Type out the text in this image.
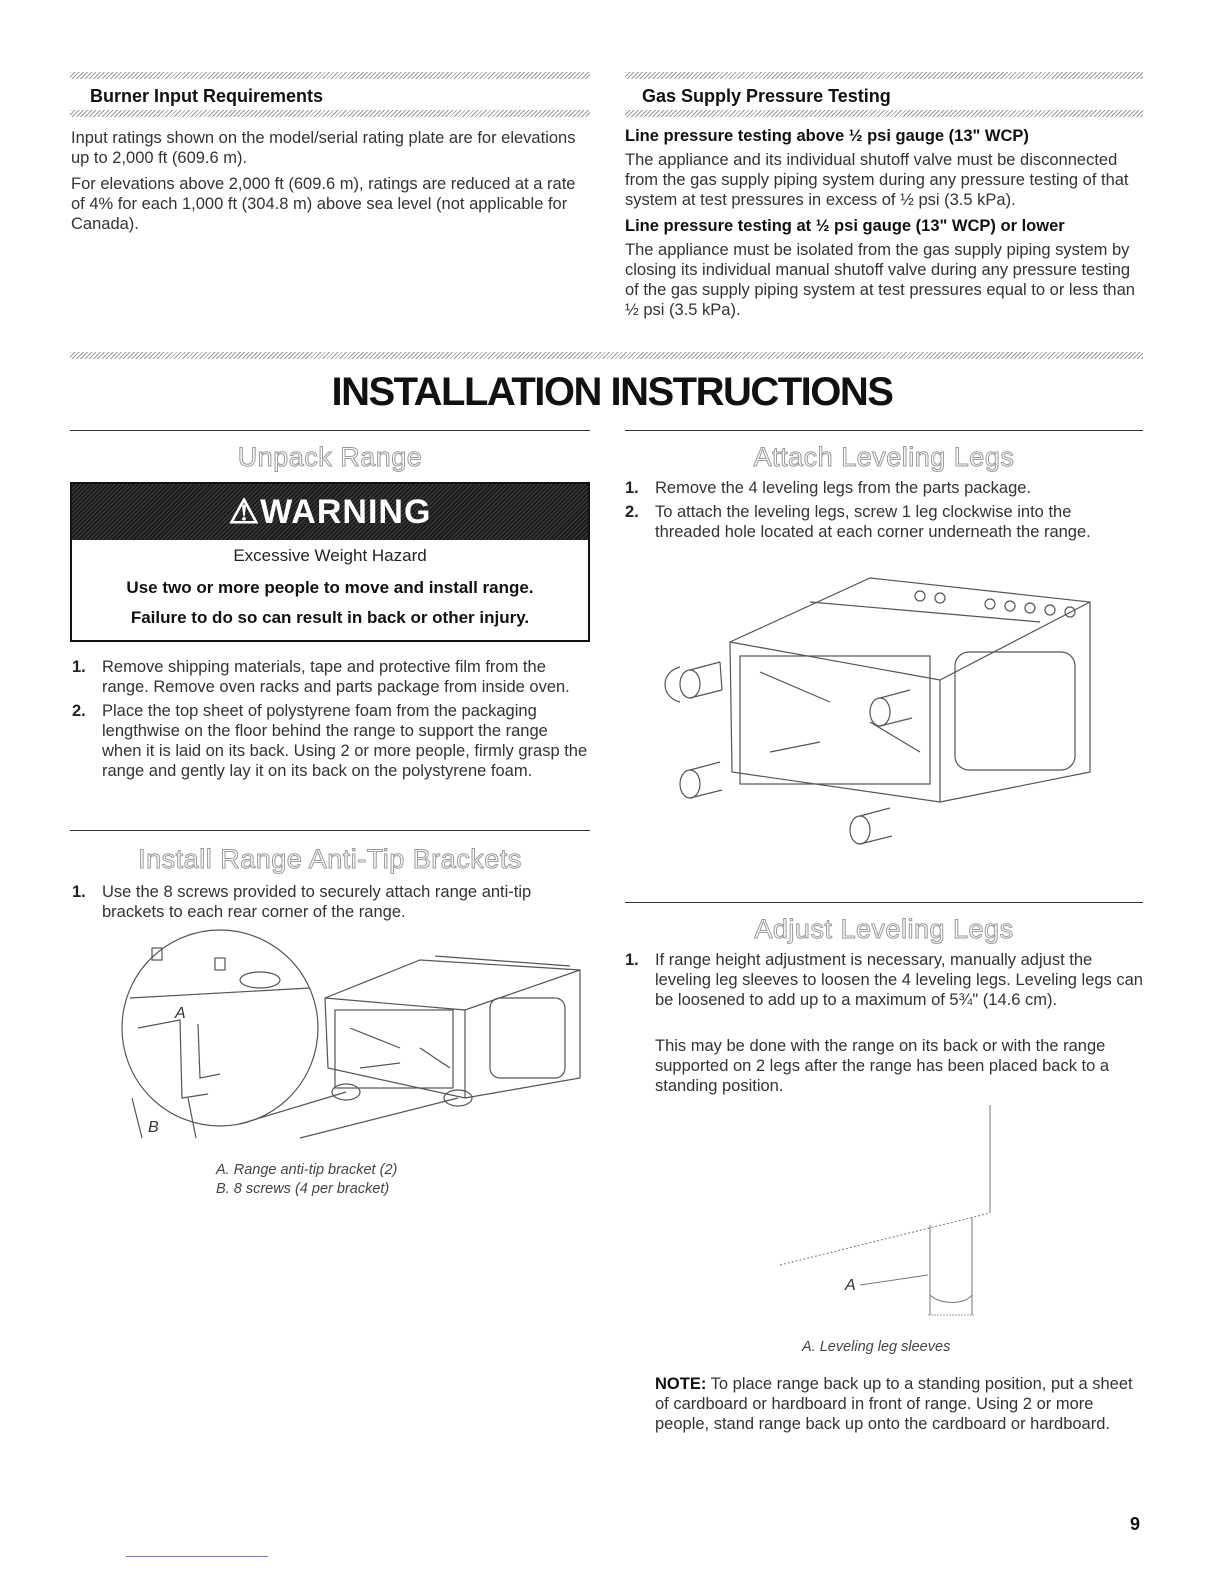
Burner Input Requirements

Input ratings shown on the model/serial rating plate are for elevations up to 2,000 ft (609.6 m).

For elevations above 2,000 ft (609.6 m), ratings are reduced at a rate of 4% for each 1,000 ft (304.8 m) above sea level (not applicable for Canada).

Gas Supply Pressure Testing
Line pressure testing above ½ psi gauge (13" WCP)
The appliance and its individual shutoff valve must be disconnected from the gas supply piping system during any pressure testing of that system at test pressures in excess of ½ psi (3.5 kPa).
Line pressure testing at ½ psi gauge (13" WCP) or lower
The appliance must be isolated from the gas supply piping system by closing its individual manual shutoff valve during any pressure testing of the gas supply piping system at test pressures equal to or less than ½ psi (3.5 kPa).
INSTALLATION INSTRUCTIONS
Unpack Range
⚠WARNING
Excessive Weight Hazard
Use two or more people to move and install range.
Failure to do so can result in back or other injury.
1. Remove shipping materials, tape and protective film from the range. Remove oven racks and parts package from inside oven.
2. Place the top sheet of polystyrene foam from the packaging lengthwise on the floor behind the range to support the range when it is laid on its back. Using 2 or more people, firmly grasp the range and gently lay it on its back on the polystyrene foam.
Install Range Anti-Tip Brackets
1. Use the 8 screws provided to securely attach range anti-tip brackets to each rear corner of the range.
A
B
A. Range anti-tip bracket (2)
B. 8 screws (4 per bracket)
Attach Leveling Legs
1. Remove the 4 leveling legs from the parts package.
2. To attach the leveling legs, screw 1 leg clockwise into the threaded hole located at each corner underneath the range.
Adjust Leveling Legs
1. If range height adjustment is necessary, manually adjust the leveling leg sleeves to loosen the 4 leveling legs. Leveling legs can be loosened to add up to a maximum of 5¾" (14.6 cm).
This may be done with the range on its back or with the range supported on 2 legs after the range has been placed back to a standing position.
A
A. Leveling leg sleeves
NOTE: To place range back up to a standing position, put a sheet of cardboard or hardboard in front of range. Using 2 or more people, stand range back up onto the cardboard or hardboard.
9
